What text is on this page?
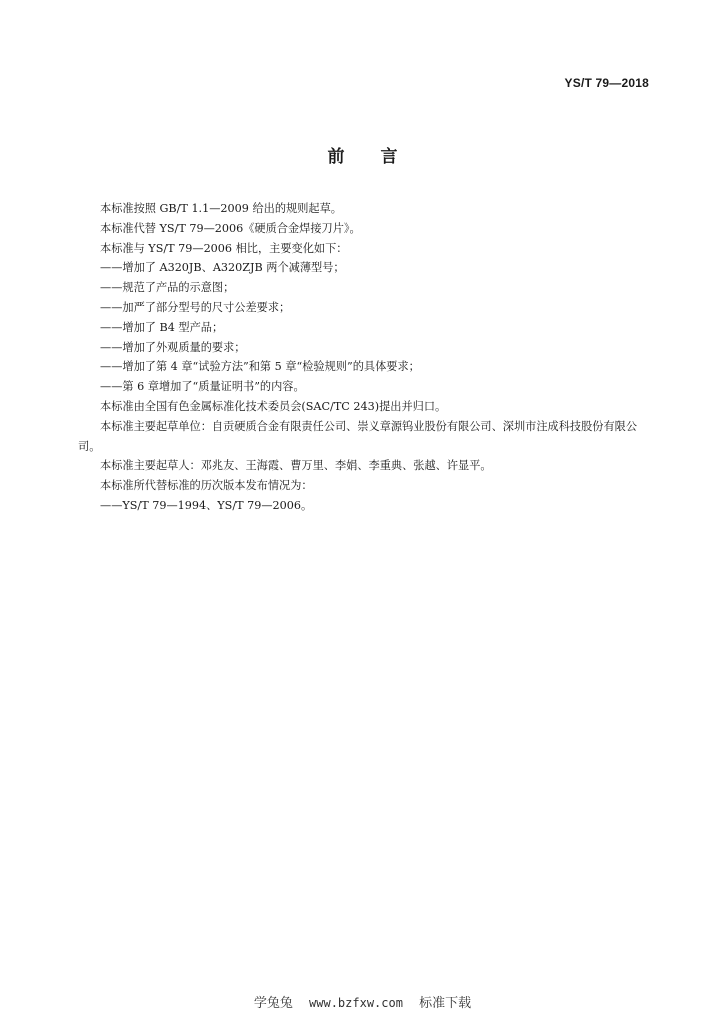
YS/T 79—2018
前言

本标准按照 GB/T 1.1—2009 给出的规则起草。

本标准代替 YS/T 79—2006《硬质合金焊接刀片》。

本标准与 YS/T 79—2006 相比，主要变化如下：

——增加了 A320JB、A320ZJB 两个减薄型号；

——规范了产品的示意图；

——加严了部分型号的尺寸公差要求；

——增加了 B4 型产品；

——增加了外观质量的要求；

——增加了第 4 章“试验方法”和第 5 章“检验规则”的具体要求；

——第 6 章增加了“质量证明书”的内容。

本标准由全国有色金属标准化技术委员会(SAC/TC 243)提出并归口。

本标准主要起草单位：自贡硬质合金有限责任公司、崇义章源钨业股份有限公司、深圳市注成科技股份有限公司。

本标准主要起草人：邓兆友、王海霞、曹万里、李娟、李重典、张越、许显平。

本标准所代替标准的历次版本发布情况为：

——YS/T 79—1994、YS/T 79—2006。

学兔兔 www.bzfxw.com 标准下载
